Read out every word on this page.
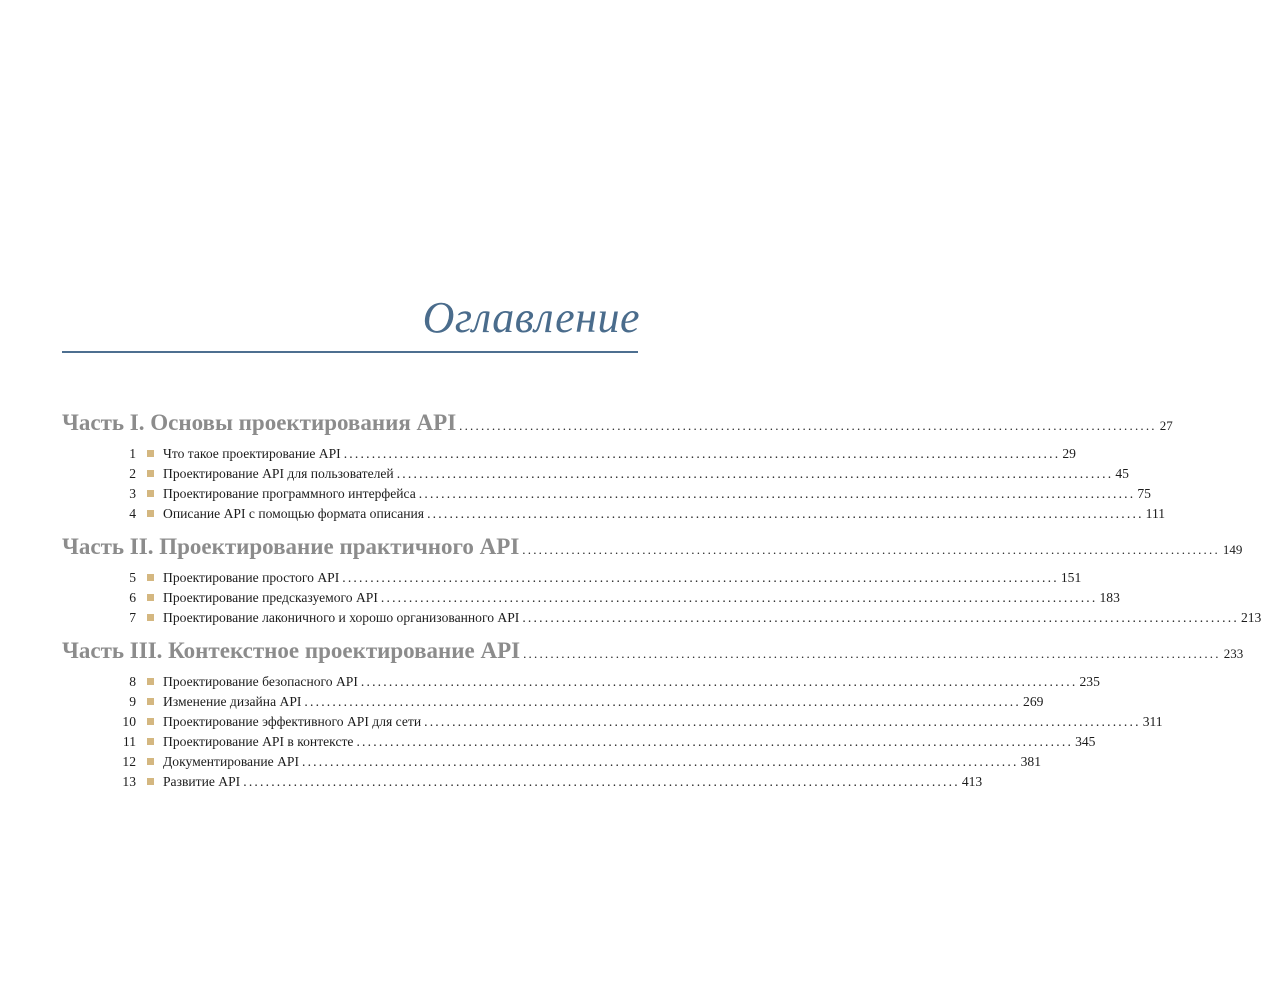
Оглавление
Часть I. Основы проектирования API ................................................................................................................................ 27
1 Что такое проектирование API ................................................................................................................................ 29
2 Проектирование API для пользователей ................................................................................................................................ 45
3 Проектирование программного интерфейса ................................................................................................................................ 75
4 Описание API с помощью формата описания ................................................................................................................................ 111
Часть II. Проектирование практичного API ................................................................................................................................ 149
5 Проектирование простого API ................................................................................................................................ 151
6 Проектирование предсказуемого API ................................................................................................................................ 183
7 Проектирование лаконичного и хорошо организованного API ................................................................................................................................ 213
Часть III. Контекстное проектирование API ................................................................................................................................ 233
8 Проектирование безопасного API ................................................................................................................................ 235
9 Изменение дизайна API ................................................................................................................................ 269
10 Проектирование эффективного API для сети ................................................................................................................................ 311
11 Проектирование API в контексте ................................................................................................................................ 345
12 Документирование API ................................................................................................................................ 381
13 Развитие API ................................................................................................................................ 413
